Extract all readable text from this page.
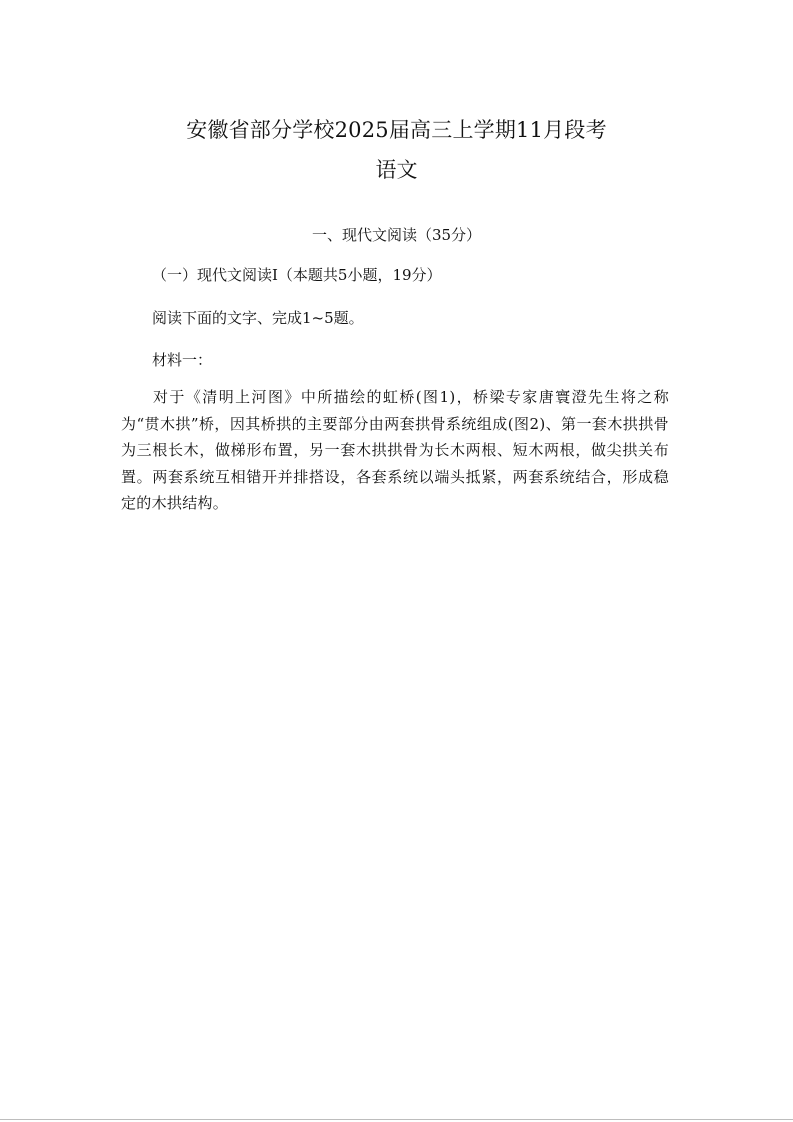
安徽省部分学校2025届高三上学期11月段考
语文
一、现代文阅读（35分）
（一）现代文阅读Ⅰ（本题共5小题，19分）
阅读下面的文字、完成1~5题。
材料一：
对于《清明上河图》中所描绘的虹桥(图1)，桥梁专家唐寰澄先生将之称为“贯木拱”桥，因其桥拱的主要部分由两套拱骨系统组成(图2)、第一套木拱拱骨为三根长木，做梯形布置，另一套木拱拱骨为长木两根、短木两根，做尖拱关布置。两套系统互相错开并排搭设，各套系统以端头抵紧，两套系统结合，形成稳定的木拱结构。
